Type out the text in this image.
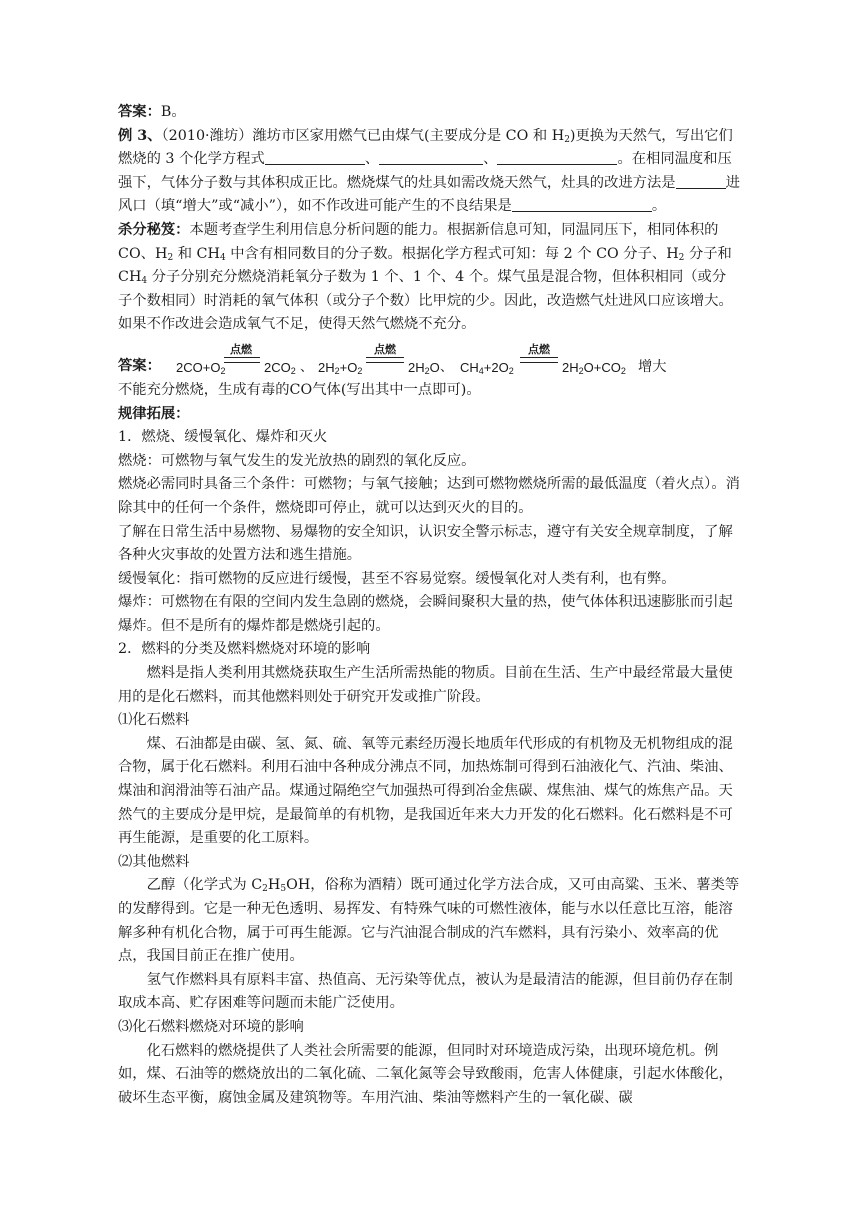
答案：B。

例 3、（2010·潍坊）潍坊市区家用燃气已由煤气(主要成分是 CO 和 $H_2$)更换为天然气，写出它们燃烧的 3 个化学方程式	、	、	。在相同温度和压强下，气体分子数与其体积成正比。燃烧煤气的灶具如需改烧天然气，灶具的改进方法是	进风口（填“增大”或“减小”），如不作改进可能产生的不良结果是	。

杀分秘笈：本题考查学生利用信息分析问题的能力。根据新信息可知，同温同压下，相同体积的 CO、$H_2$ 和 $CH_4$ 中含有相同数目的分子数。根据化学方程式可知：每 2 个 CO 分子、$H_2$ 分子和 $CH_4$ 分子分别充分燃烧消耗氧分子数为 1 个、1 个、4 个。煤气虽是混合物，但体积相同（或分子个数相同）时消耗的氧气体积（或分子个数）比甲烷的少。因此，改造燃气灶进风口应该增大。如果不作改进会造成氧气不足，使得天然气燃烧不充分。

答案： $2CO+O_2$
点燃
$2CO_2$ 、 $2H_2+O_2$
点燃
$2H_2O$ 、 $CH_4+2O_2$
点燃
$2H_2O+CO_2$ 增大

不能充分燃烧，生成有毒的CO气体(写出其中一点即可)。

规律拓展：

1．燃烧、缓慢氧化、爆炸和灭火

燃烧：可燃物与氧气发生的发光放热的剧烈的氧化反应。

燃烧必需同时具备三个条件：可燃物；与氧气接触；达到可燃物燃烧所需的最低温度（着火点）。消除其中的任何一个条件，燃烧即可停止，就可以达到灭火的目的。

了解在日常生活中易燃物、易爆物的安全知识，认识安全警示标志，遵守有关安全规章制度，了解各种火灾事故的处置方法和逃生措施。

缓慢氧化：指可燃物的反应进行缓慢，甚至不容易觉察。缓慢氧化对人类有利，也有弊。

爆炸：可燃物在有限的空间内发生急剧的燃烧，会瞬间聚积大量的热，使气体体积迅速膨胀而引起爆炸。但不是所有的爆炸都是燃烧引起的。

2．燃料的分类及燃料燃烧对环境的影响

燃料是指人类利用其燃烧获取生产生活所需热能的物质。目前在生活、生产中最经常最大量使用的是化石燃料，而其他燃料则处于研究开发或推广阶段。

⑴化石燃料

煤、石油都是由碳、氢、氮、硫、氧等元素经历漫长地质年代形成的有机物及无机物组成的混合物，属于化石燃料。利用石油中各种成分沸点不同，加热炼制可得到石油液化气、汽油、柴油、煤油和润滑油等石油产品。煤通过隔绝空气加强热可得到冶金焦碳、煤焦油、煤气的炼焦产品。天然气的主要成分是甲烷，是最简单的有机物，是我国近年来大力开发的化石燃料。化石燃料是不可再生能源，是重要的化工原料。

⑵其他燃料

乙醇（化学式为 $C_2H_5OH$，俗称为酒精）既可通过化学方法合成，又可由高粱、玉米、薯类等的发酵得到。它是一种无色透明、易挥发、有特殊气味的可燃性液体，能与水以任意比互溶，能溶解多种有机化合物，属于可再生能源。它与汽油混合制成的汽车燃料，具有污染小、效率高的优点，我国目前正在推广使用。

氢气作燃料具有原料丰富、热值高、无污染等优点，被认为是最清洁的能源，但目前仍存在制取成本高、贮存困难等问题而未能广泛使用。

⑶化石燃料燃烧对环境的影响

化石燃料的燃烧提供了人类社会所需要的能源，但同时对环境造成污染，出现环境危机。例如，煤、石油等的燃烧放出的二氧化硫、二氧化氮等会导致酸雨，危害人体健康，引起水体酸化，破坏生态平衡，腐蚀金属及建筑物等。车用汽油、柴油等燃料产生的一氧化碳、碳
